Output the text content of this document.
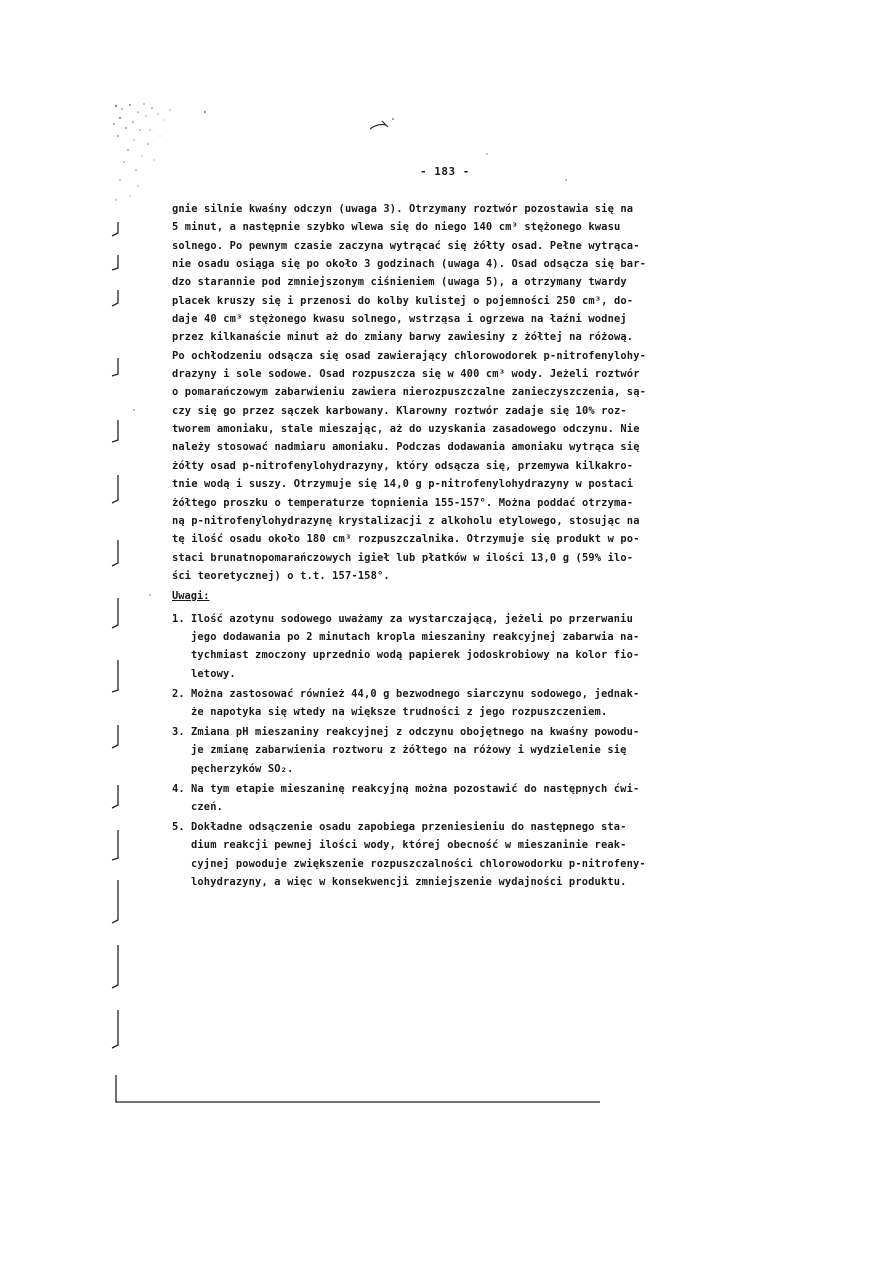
- 183 -
gnie silnie kwaśny odczyn (uwaga 3). Otrzymany roztwór pozostawia się na
5 minut, a następnie szybko wlewa się do niego 140 cm³ stężonego kwasu
solnego. Po pewnym czasie zaczyna wytrącać się żółty osad. Pełne wytrąca-
nie osadu osiąga się po około 3 godzinach (uwaga 4). Osad odsącza się bar-
dzo starannie pod zmniejszonym ciśnieniem (uwaga 5), a otrzymany twardy
placek kruszy się i przenosi do kolby kulistej o pojemności 250 cm³, do-
daje 40 cm³ stężonego kwasu solnego, wstrząsa i ogrzewa na łaźni wodnej
przez kilkanaście minut aż do zmiany barwy zawiesiny z żółtej na różową.
Po ochłodzeniu odsącza się osad zawierający chlorowodorek p-nitrofenylohy-
drazyny i sole sodowe. Osad rozpuszcza się w 400 cm³ wody. Jeżeli roztwór
o pomarańczowym zabarwieniu zawiera nierozpuszczalne zanieczyszczenia, są-
czy się go przez sączek karbowany. Klarowny roztwór zadaje się 10% roz-
tworem amoniaku, stale mieszając, aż do uzyskania zasadowego odczynu. Nie
należy stosować nadmiaru amoniaku. Podczas dodawania amoniaku wytrąca się
żółty osad p-nitrofenylohydrazyny, który odsącza się, przemywa kilkakro-
tnie wodą i suszy. Otrzymuje się 14,0 g p-nitrofenylohydrazyny w postaci
żółtego proszku o temperaturze topnienia 155-157°. Można poddać otrzyma-
ną p-nitrofenylohydrazynę krystalizacji z alkoholu etylowego, stosując na
tę ilość osadu około 180 cm³ rozpuszczalnika. Otrzymuje się produkt w po-
staci brunatnopomarańczowych igieł lub płatków w ilości 13,0 g (59% ilo-
ści teoretycznej) o t.t. 157-158°.
Uwagi:
1. Ilość azotynu sodowego uważamy za wystarczającą, jeżeli po przerwaniu
jego dodawania po 2 minutach kropla mieszaniny reakcyjnej zabarwia na-
tychmiast zmoczony uprzednio wodą papierek jodoskrobiowy na kolor fio-
letowy.
2. Można zastosować również 44,0 g bezwodnego siarczynu sodowego, jednak-
że napotyka się wtedy na większe trudności z jego rozpuszczeniem.
3. Zmiana pH mieszaniny reakcyjnej z odczynu obojętnego na kwaśny powodu-
je zmianę zabarwienia roztworu z żółtego na różowy i wydzielenie się
pęcherzyków SO₂.
4. Na tym etapie mieszaninę reakcyjną można pozostawić do następnych ćwi-
czeń.
5. Dokładne odsączenie osadu zapobiega przeniesieniu do następnego sta-
dium reakcji pewnej ilości wody, której obecność w mieszaninie reak-
cyjnej powoduje zwiększenie rozpuszczalności chlorowodorku p-nitrofeny-
lohydrazyny, a więc w konsekwencji zmniejszenie wydajności produktu.
